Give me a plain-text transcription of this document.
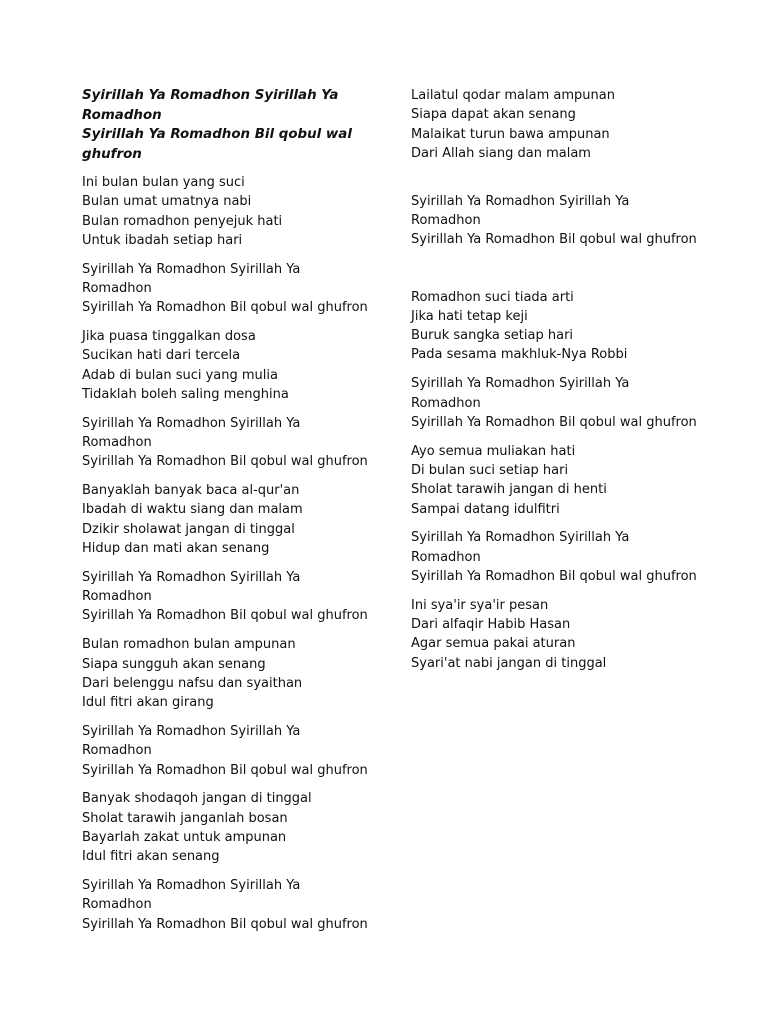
Syirillah Ya Romadhon Syirillah Ya
Romadhon
Syirillah Ya Romadhon Bil qobul wal
ghufron
Ini bulan bulan yang suci
Bulan umat umatnya nabi
Bulan romadhon penyejuk hati
Untuk ibadah setiap hari
Syirillah Ya Romadhon Syirillah Ya
Romadhon
Syirillah Ya Romadhon Bil qobul wal ghufron
Jika puasa tinggalkan dosa
Sucikan hati dari tercela
Adab di bulan suci yang mulia
Tidaklah boleh saling menghina
Syirillah Ya Romadhon Syirillah Ya
Romadhon
Syirillah Ya Romadhon Bil qobul wal ghufron
Banyaklah banyak baca al-qur'an
Ibadah di waktu siang dan malam
Dzikir sholawat jangan di tinggal
Hidup dan mati akan senang
Syirillah Ya Romadhon Syirillah Ya
Romadhon
Syirillah Ya Romadhon Bil qobul wal ghufron
Bulan romadhon bulan ampunan
Siapa sungguh akan senang
Dari belenggu nafsu dan syaithan
Idul fitri akan girang
Syirillah Ya Romadhon Syirillah Ya
Romadhon
Syirillah Ya Romadhon Bil qobul wal ghufron
Banyak shodaqoh jangan di tinggal
Sholat tarawih janganlah bosan
Bayarlah zakat untuk ampunan
Idul fitri akan senang
Syirillah Ya Romadhon Syirillah Ya
Romadhon
Syirillah Ya Romadhon Bil qobul wal ghufron
Lailatul qodar malam ampunan
Siapa dapat akan senang
Malaikat turun bawa ampunan
Dari Allah siang dan malam
Syirillah Ya Romadhon Syirillah Ya
Romadhon
Syirillah Ya Romadhon Bil qobul wal ghufron
Romadhon suci tiada arti
Jika hati tetap keji
Buruk sangka setiap hari
Pada sesama makhluk-Nya Robbi
Syirillah Ya Romadhon Syirillah Ya
Romadhon
Syirillah Ya Romadhon Bil qobul wal ghufron
Ayo semua muliakan hati
Di bulan suci setiap hari
Sholat tarawih jangan di henti
Sampai datang idulfitri
Syirillah Ya Romadhon Syirillah Ya
Romadhon
Syirillah Ya Romadhon Bil qobul wal ghufron
Ini sya'ir sya'ir pesan
Dari alfaqir Habib Hasan
Agar semua pakai aturan
Syari'at nabi jangan di tinggal
